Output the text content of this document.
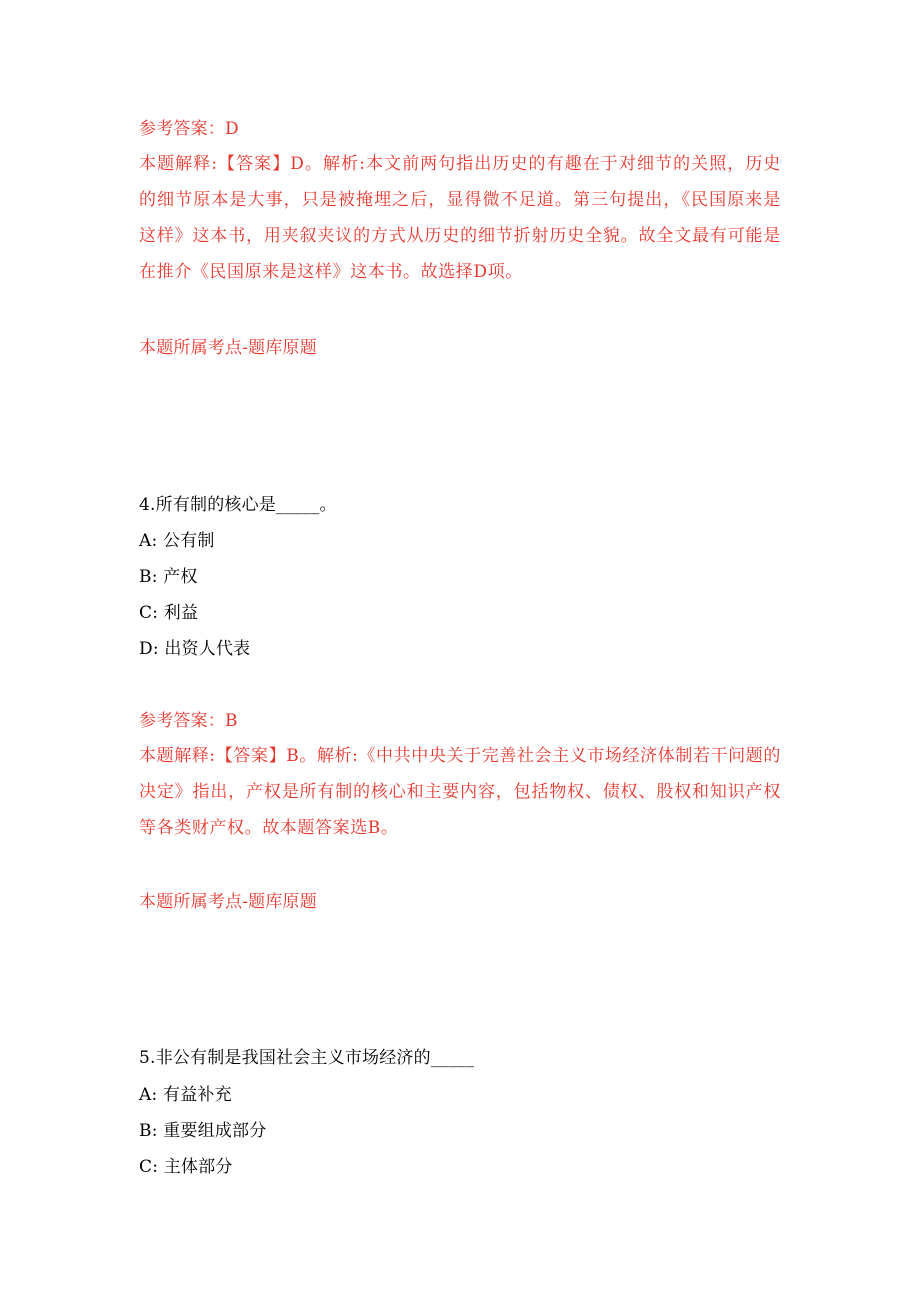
参考答案：D
本题解释:【答案】D。解析:本文前两句指出历史的有趣在于对细节的关照，历史的细节原本是大事，只是被掩埋之后，显得微不足道。第三句提出，《民国原来是这样》这本书，用夹叙夹议的方式从历史的细节折射历史全貌。故全文最有可能是在推介《民国原来是这样》这本书。故选择D项。
本题所属考点-题库原题
4.所有制的核心是_____。
A: 公有制
B: 产权
C: 利益
D: 出资人代表
参考答案：B
本题解释:【答案】B。解析:《中共中央关于完善社会主义市场经济体制若干问题的决定》指出，产权是所有制的核心和主要内容，包括物权、债权、股权和知识产权等各类财产权。故本题答案选B。
本题所属考点-题库原题
5.非公有制是我国社会主义市场经济的_____
A: 有益补充
B: 重要组成部分
C: 主体部分
